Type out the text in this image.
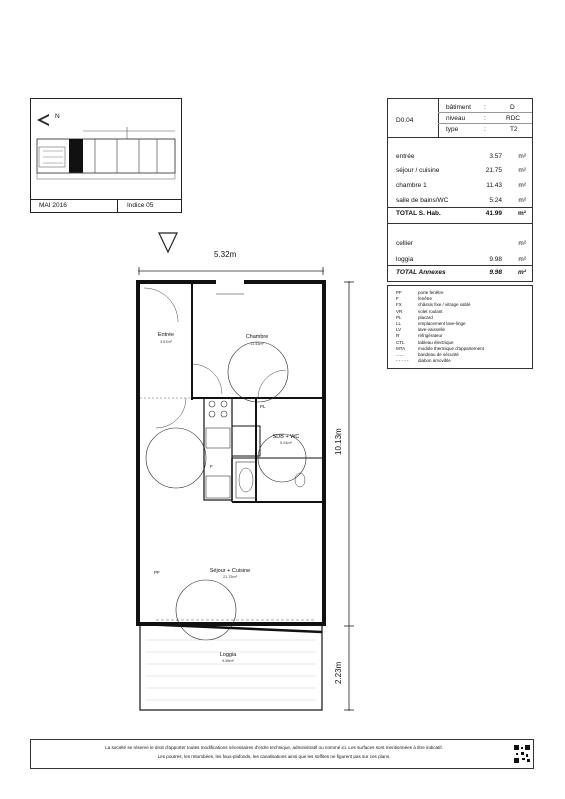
N
MAI 2016	Indice 05
D0.04
bâtiment :	D
niveau	:	RDC
type	:	T2
entrée	3.57	m²
séjour / cuisine	21.75	m²
chambre 1	11.43	m²
salle de bains/WC	5.24	m²
TOTAL S. Hab.	41.99 m²
cellier	m²
loggia	9.98	m²
TOTAL Annexes	9.98 m²
PF	porte fenêtre
F	fenêtre
FX	châssis fixe / vitrage sablé
VR	volet roulant
PL	placard
LL	emplacement lave-linge
LV	lave-vaisselle
R	réfrigérateur
CTL	tableau électrique
MTA	module thermique d'appartement
.......	bandeau de sécurité
- - - - - diabon amovible
5.32m
10.13m
2.23m
Entrée
3.57m²
Chambre
11.43m²
SDB + WC
5.24m²
Séjour + Cuisine
21.75m²
Loggia
9.98m²
PL
F
PF
La société se réserve le droit d'apporter toutes modifications nécessaires d'ordre technique, administratif ou nommé ici. Les surfaces sont mentionnées à titre indicatif.
Les poutres, les retombées, les faux-plafonds, les canalisations ainsi que les soffites ne figurent pas sur ces plans.
